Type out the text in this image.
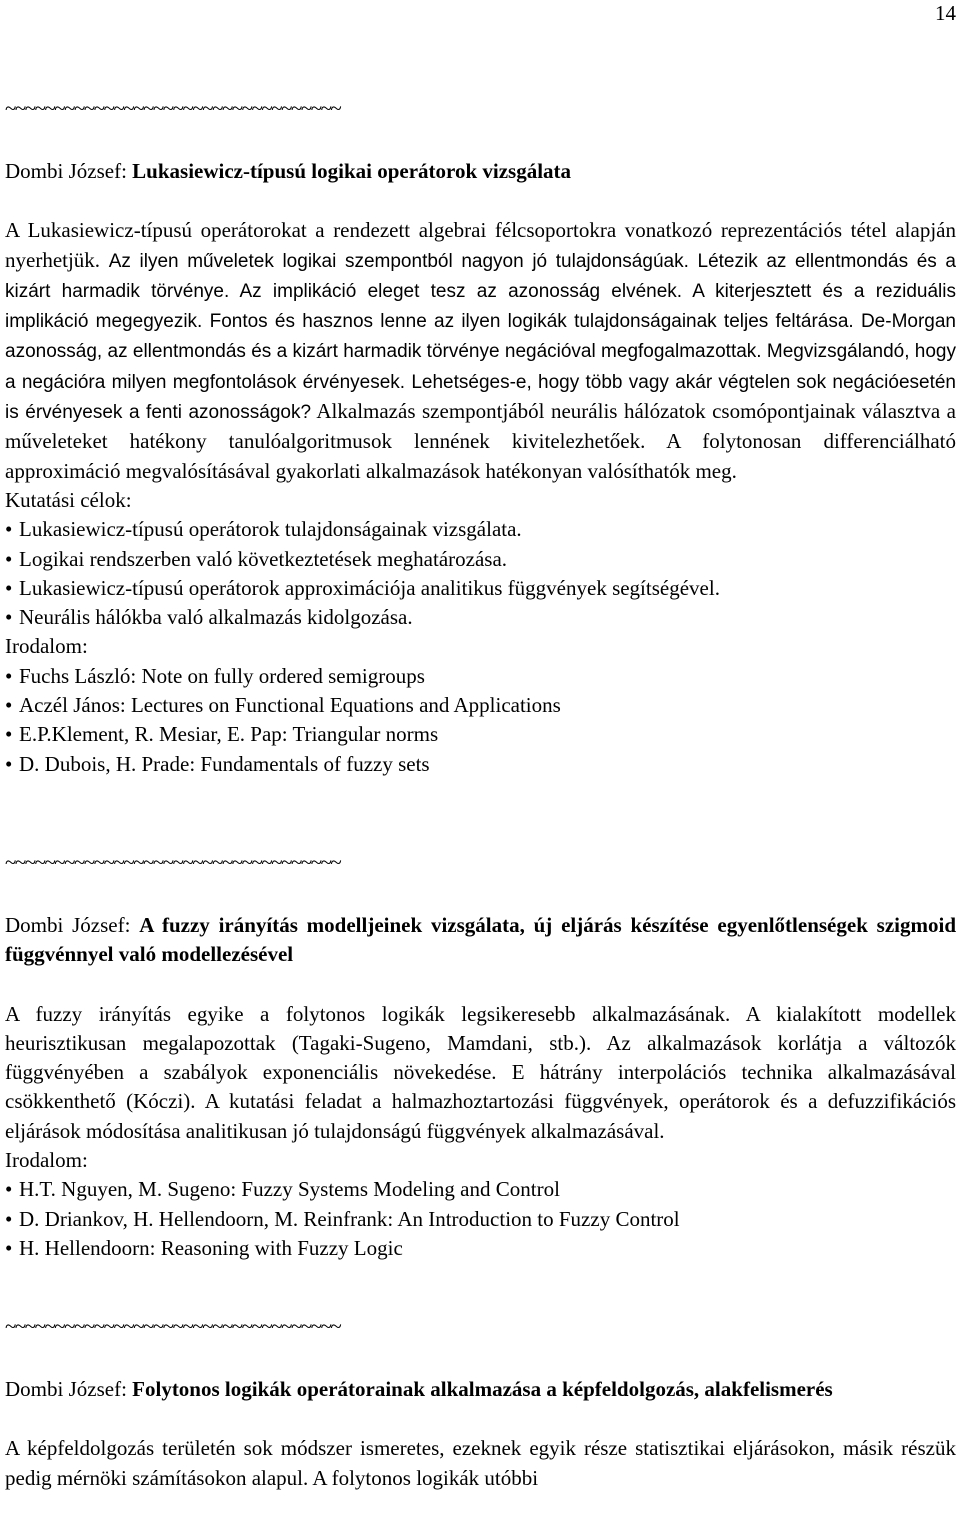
14
~~~~~~~~~~~~~~~~~~~~~~~~~~~~~~~~~~
Dombi József: Lukasiewicz-típusú logikai operátorok vizsgálata

A Lukasiewicz-típusú operátorokat a rendezett algebrai félcsoportokra vonatkozó reprezentációs tétel alapján nyerhetjük. Az ilyen műveletek logikai szempontból nagyon jó tulajdonságúak. Létezik az ellentmondás és a kizárt harmadik törvénye. Az implikáció eleget tesz az azonosság elvének. A kiterjesztett és a reziduális implikáció megegyezik. Fontos és hasznos lenne az ilyen logikák tulajdonságainak teljes feltárása. De-Morgan azonosság, az ellentmondás és a kizárt harmadik törvénye negációval megfogalmazottak. Megvizsgálandó, hogy a negációra milyen megfontolások érvényesek. Lehetséges-e, hogy több vagy akár végtelen sok negációesetén is érvényesek a fenti azonosságok? Alkalmazás szempontjából neurális hálózatok csomópontjainak választva a műveleteket hatékony tanulóalgoritmusok lennének kivitelezhetőek. A folytonosan differenciálható approximáció megvalósításával gyakorlati alkalmazások hatékonyan valósíthatók meg.

Kutatási célok:
• Lukasiewicz-típusú operátorok tulajdonságainak vizsgálata.
• Logikai rendszerben való következtetések meghatározása.
• Lukasiewicz-típusú operátorok approximációja analitikus függvények segítségével.
• Neurális hálókba való alkalmazás kidolgozása.
Irodalom:
• Fuchs László: Note on fully ordered semigroups
• Aczél János: Lectures on Functional Equations and Applications
• E.P.Klement, R. Mesiar, E. Pap: Triangular norms
• D. Dubois, H. Prade: Fundamentals of fuzzy sets
~~~~~~~~~~~~~~~~~~~~~~~~~~~~~~~~~~
Dombi József: A fuzzy irányítás modelljeinek vizsgálata, új eljárás készítése egyenlőtlenségek szigmoid függvénnyel való modellezésével

A fuzzy irányítás egyike a folytonos logikák legsikeresebb alkalmazásának. A kialakított modellek heurisztikusan megalapozottak (Tagaki-Sugeno, Mamdani, stb.). Az alkalmazások korlátja a változók függvényében a szabályok exponenciális növekedése. E hátrány interpolációs technika alkalmazásával csökkenthető (Kóczi). A kutatási feladat a halmazhoztartozási függvények, operátorok és a defuzzifikációs eljárások módosítása analitikusan jó tulajdonságú függvények alkalmazásával.

Irodalom:
• H.T. Nguyen, M. Sugeno: Fuzzy Systems Modeling and Control
• D. Driankov, H. Hellendoorn, M. Reinfrank: An Introduction to Fuzzy Control
• H. Hellendoorn: Reasoning with Fuzzy Logic
~~~~~~~~~~~~~~~~~~~~~~~~~~~~~~~~~~
Dombi József: Folytonos logikák operátorainak alkalmazása a képfeldolgozás, alakfelismerés

A képfeldolgozás területén sok módszer ismeretes, ezeknek egyik része statisztikai eljárásokon, másik részük pedig mérnöki számításokon alapul. A folytonos logikák utóbbi
